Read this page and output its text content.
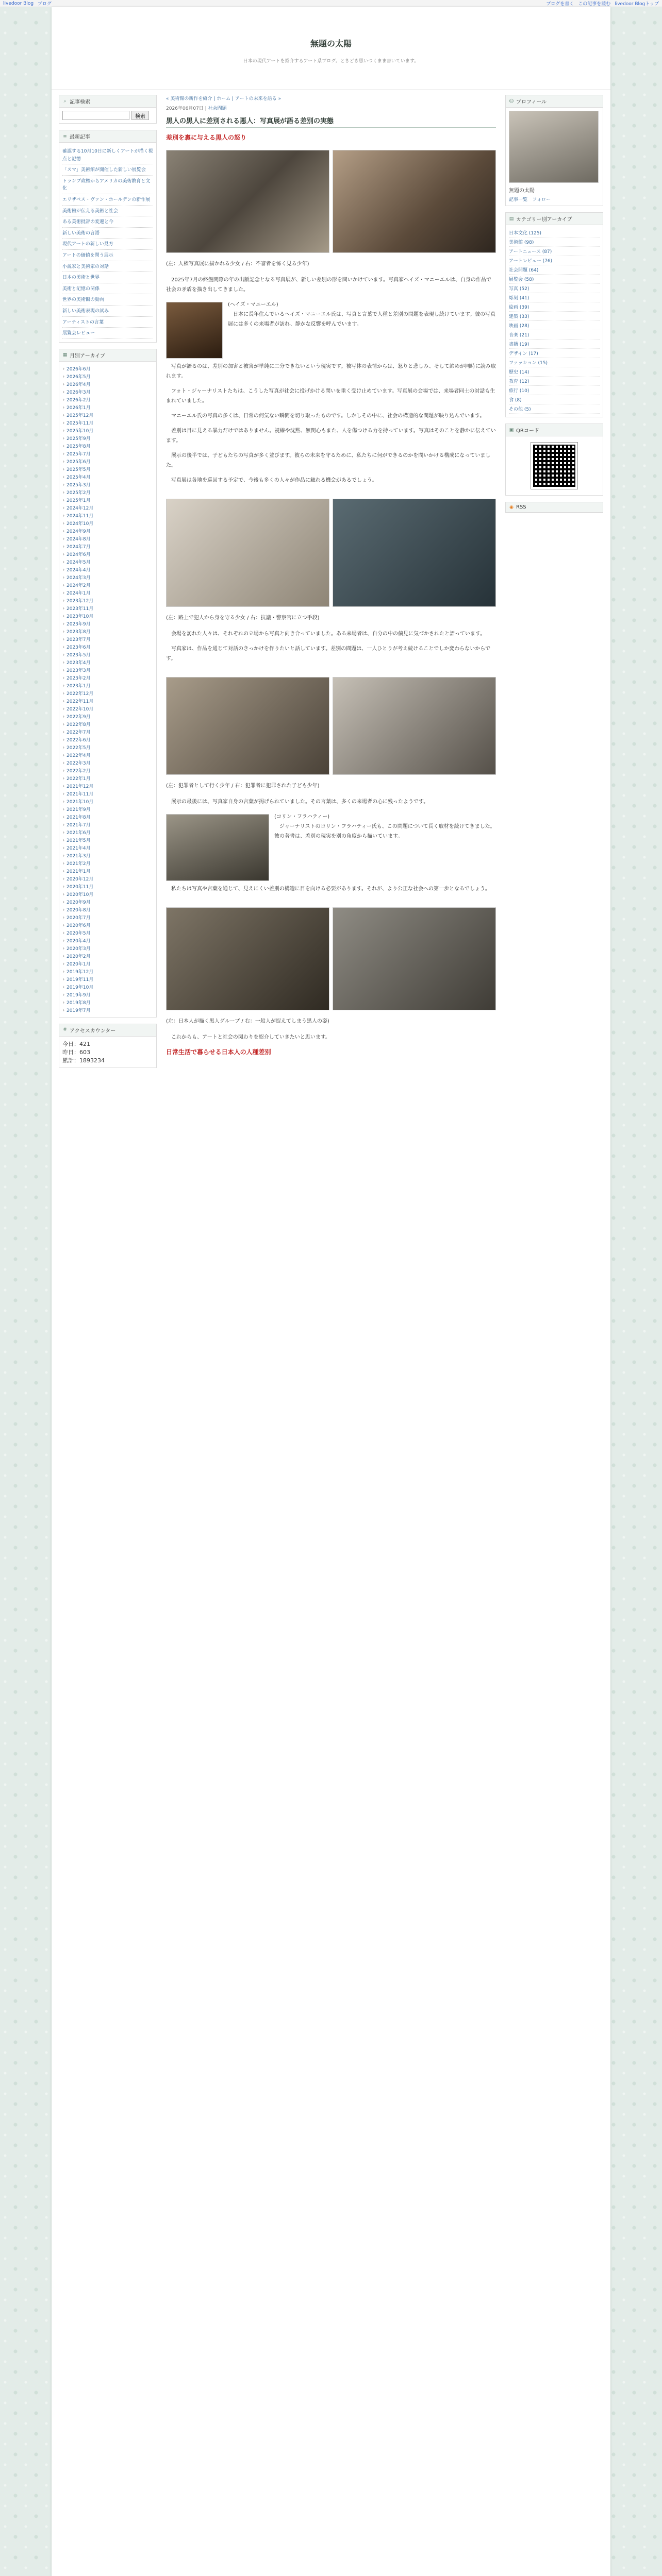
livedoor Blog ブログ	ブログを書く この記事を読む livedoor Blogトップ
無題の太陽
日本の現代アートを紹介するアート系ブログ。ときどき思いつくまま書いています。
⌕ 記事検索
検索
≡ 最新記事
確認する10月10日に新しくアートが描く視点と記憶
「スマ」美術館が開催した新しい展覧会
トランプ政権からアメリカの美術教育と文化
エリザベス・ヴァン・ホールデンの新作展
美術館が伝える美術と社会
ある美術批評の変遷と今
新しい美術の言語
現代アートの新しい見方
アートの価値を問う展示
小説家と美術家の対話
日本の美術と世界
美術と記憶の関係
世界の美術館の動向
新しい美術表現の試み
アーティストの言葉
展覧会レビュー
▦ 月別アーカイブ
› 2026年6月
› 2026年5月
› 2026年4月
› 2026年3月
› 2026年2月
› 2026年1月
› 2025年12月
› 2025年11月
› 2025年10月
› 2025年9月
› 2025年8月
› 2025年7月
› 2025年6月
› 2025年5月
› 2025年4月
› 2025年3月
› 2025年2月
› 2025年1月
› 2024年12月
› 2024年11月
› 2024年10月
› 2024年9月
› 2024年8月
› 2024年7月
› 2024年6月
› 2024年5月
› 2024年4月
› 2024年3月
› 2024年2月
› 2024年1月
› 2023年12月
› 2023年11月
› 2023年10月
› 2023年9月
› 2023年8月
› 2023年7月
› 2023年6月
› 2023年5月
› 2023年4月
› 2023年3月
› 2023年2月
› 2023年1月
› 2022年12月
› 2022年11月
› 2022年10月
› 2022年9月
› 2022年8月
› 2022年7月
› 2022年6月
› 2022年5月
› 2022年4月
› 2022年3月
› 2022年2月
› 2022年1月
› 2021年12月
› 2021年11月
› 2021年10月
› 2021年9月
› 2021年8月
› 2021年7月
› 2021年6月
› 2021年5月
› 2021年4月
› 2021年3月
› 2021年2月
› 2021年1月
› 2020年12月
› 2020年11月
› 2020年10月
› 2020年9月
› 2020年8月
› 2020年7月
› 2020年6月
› 2020年5月
› 2020年4月
› 2020年3月
› 2020年2月
› 2020年1月
› 2019年12月
› 2019年11月
› 2019年10月
› 2019年9月
› 2019年8月
› 2019年7月
# アクセスカウンター
今日：421
昨日：603
累計：1893234
« 美術館の新作を紹介 | ホーム | アートの未来を語る »
2026年06月07日 | 社会問題
黒人の黒人に差別される悪人：写真展が語る差別の実態
差別を裏に与える黒人の怒り
(左：人権写真展に描かれる少女 / 右：不審者を怖く見る少年)
2025年7月の終盤間際の年の出版記念となる写真展が、新しい差別の形を問いかけています。写真家ヘイズ・マニーエルは、自身の作品で社会の矛盾を描き出してきました。
(ヘイズ・マニーエル)
日本に長年住んでいるヘイズ・マニーエル氏は、写真と言葉で人種と差別の問題を表現し続けています。彼の写真展には多くの来場者が訪れ、静かな反響を呼んでいます。
写真が語るのは、差別の加害と被害が単純に二分できないという現実です。被写体の表情からは、怒りと悲しみ、そして諦めが同時に読み取れます。
フォト・ジャーナリストたちは、こうした写真が社会に投げかける問いを重く受け止めています。写真展の会場では、来場者同士の対話も生まれていました。
マニーエル氏の写真の多くは、日常の何気ない瞬間を切り取ったものです。しかしその中に、社会の構造的な問題が映り込んでいます。
差別は目に見える暴力だけではありません。視線や沈黙、無関心もまた、人を傷つける力を持っています。写真はそのことを静かに伝えています。
展示の後半では、子どもたちの写真が多く並びます。彼らの未来を守るために、私たちに何ができるのかを問いかける構成になっていました。
写真展は各地を巡回する予定で、今後も多くの人々が作品に触れる機会があるでしょう。
(左：路上で犯人から身を守る少女 / 右：抗議・警察官に立つ手段)
会場を訪れた人々は、それぞれの立場から写真と向き合っていました。ある来場者は、自分の中の偏見に気づかされたと語っています。
写真家は、作品を通じて対話のきっかけを作りたいと話しています。差別の問題は、一人ひとりが考え続けることでしか変わらないからです。
(左：犯罪者として行く少年 / 右：犯罪者に犯罪された子ども少年)
展示の最後には、写真家自身の言葉が掲げられていました。その言葉は、多くの来場者の心に残ったようです。
(コリン・フラハティー)
ジャーナリストのコリン・フラハティー氏も、この問題について長く取材を続けてきました。彼の著書は、差別の現実を別の角度から描いています。
私たちは写真や言葉を通じて、見えにくい差別の構造に目を向ける必要があります。それが、より公正な社会への第一歩となるでしょう。
(左：日本人が描く黒人グループ / 右：一般人が捉えてしまう黒人の姿)
これからも、アートと社会の関わりを紹介していきたいと思います。
日常生活で暮らせる日本人の人種差別
☺ プロフィール
無題の太陽
記事一覧 フォロー
▤ カテゴリー別アーカイブ
日本文化 (125)
美術館 (98)
アートニュース (87)
アートレビュー (76)
社会問題 (64)
展覧会 (58)
写真 (52)
彫刻 (41)
絵画 (39)
建築 (33)
映画 (28)
音楽 (21)
書籍 (19)
デザイン (17)
ファッション (15)
歴史 (14)
教育 (12)
旅行 (10)
食 (8)
その他 (5)
▣ QRコード
◉ RSS
